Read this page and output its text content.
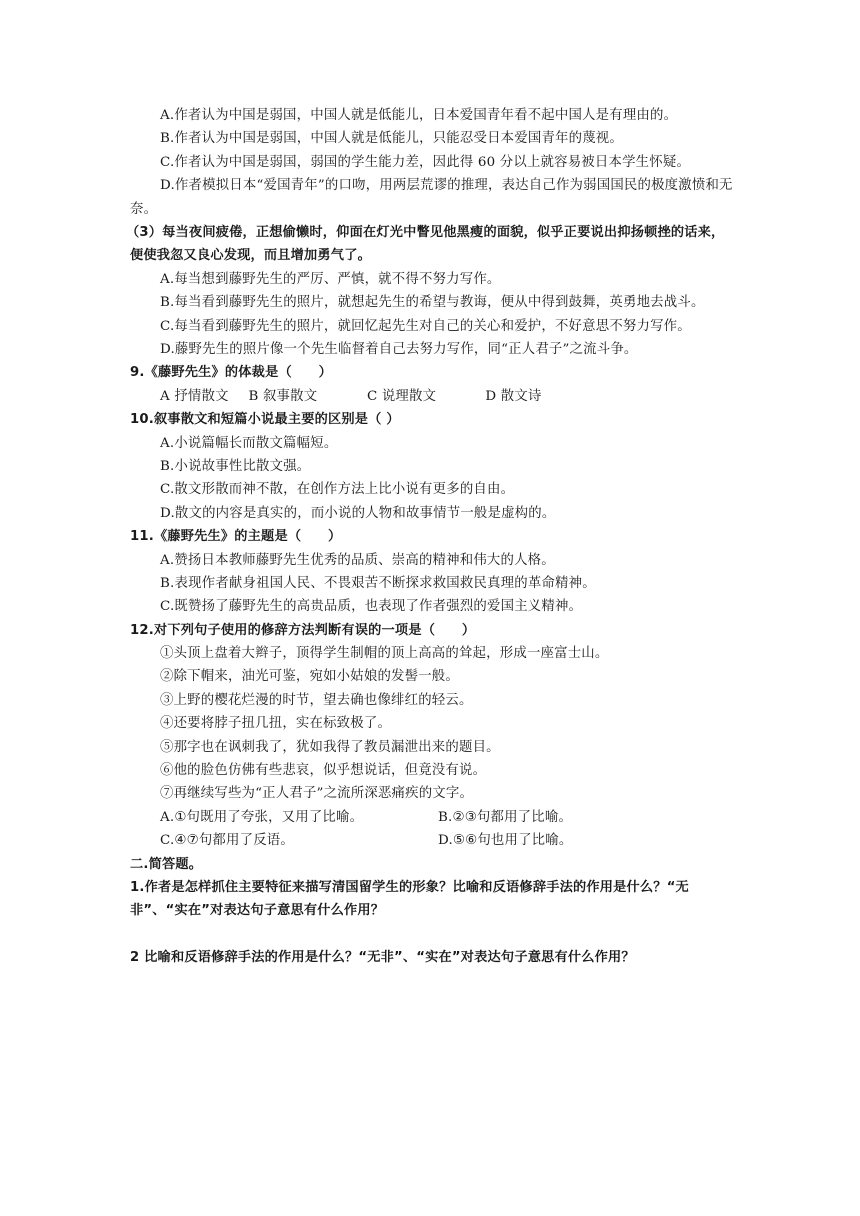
A.作者认为中国是弱国，中国人就是低能儿，日本爱国青年看不起中国人是有理由的。
B.作者认为中国是弱国，中国人就是低能儿，只能忍受日本爱国青年的蔑视。
C.作者认为中国是弱国，弱国的学生能力差，因此得 60 分以上就容易被日本学生怀疑。
D.作者模拟日本“爱国青年”的口吻，用两层荒谬的推理，表达自己作为弱国国民的极度激愤和无奈。
（3）每当夜间疲倦，正想偷懒时，仰面在灯光中瞥见他黑瘦的面貌，似乎正要说出抑扬顿挫的话来，便使我忽又良心发现，而且增加勇气了。
A.每当想到藤野先生的严厉、严慎，就不得不努力写作。
B.每当看到藤野先生的照片，就想起先生的希望与教诲，便从中得到鼓舞，英勇地去战斗。
C.每当看到藤野先生的照片，就回忆起先生对自己的关心和爱护，不好意思不努力写作。
D.藤野先生的照片像一个先生临督着自己去努力写作，同“正人君子”之流斗争。
9.《藤野先生》的体裁是（　　）
A 抒情散文 B 叙事散文	C 说理散文	D 散文诗
10.叙事散文和短篇小说最主要的区别是（ ）
A.小说篇幅长而散文篇幅短。
B.小说故事性比散文强。
C.散文形散而神不散，在创作方法上比小说有更多的自由。
D.散文的内容是真实的，而小说的人物和故事情节一般是虚构的。
11.《藤野先生》的主题是（　　）
A.赞扬日本教师藤野先生优秀的品质、崇高的精神和伟大的人格。
B.表现作者献身祖国人民、不畏艰苦不断探求救国救民真理的革命精神。
C.既赞扬了藤野先生的高贵品质，也表现了作者强烈的爱国主义精神。
12.对下列句子使用的修辞方法判断有误的一项是（　　）
①头顶上盘着大辫子，顶得学生制帽的顶上高高的耸起，形成一座富士山。
②除下帽来，油光可鉴，宛如小姑娘的发髻一般。
③上野的樱花烂漫的时节，望去确也像绯红的轻云。
④还要将脖子扭几扭，实在标致极了。
⑤那字也在讽刺我了，犹如我得了教员漏泄出来的题目。
⑥他的脸色仿佛有些悲哀，似乎想说话，但竟没有说。
⑦再继续写些为“正人君子”之流所深恶痛疾的文字。
A.①句既用了夸张，又用了比喻。	B.②③句都用了比喻。
C.④⑦句都用了反语。	D.⑤⑥句也用了比喻。
二.简答题。
1.作者是怎样抓住主要特征来描写清国留学生的形象？比喻和反语修辞手法的作用是什么？“无非”、“实在”对表达句子意思有什么作用？
2 比喻和反语修辞手法的作用是什么？“无非”、“实在”对表达句子意思有什么作用？
